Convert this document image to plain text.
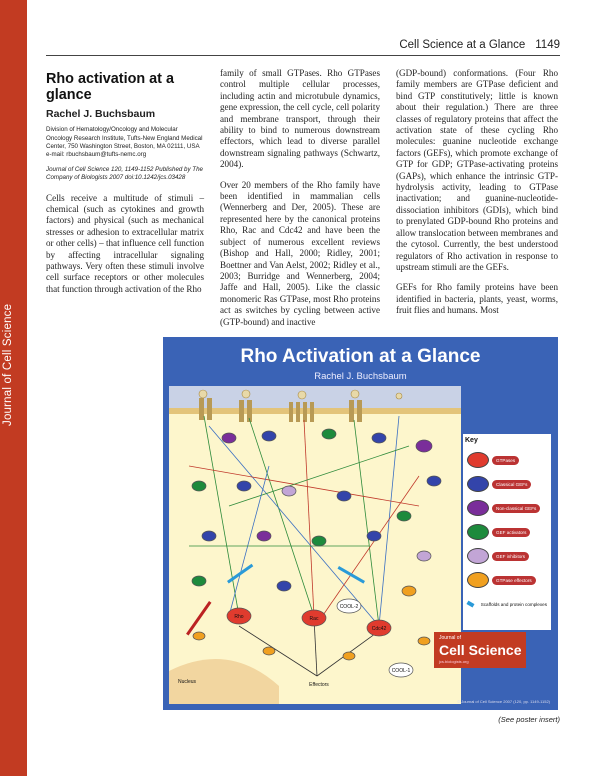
Journal of Cell Science
Cell Science at a Glance 1149
Rho activation at a glance
Rachel J. Buchsbaum
Division of Hematology/Oncology and Molecular Oncology Research Institute, Tufts-New England Medical Center, 750 Washington Street, Boston, MA 02111, USA
e-mail: rbuchsbaum@tufts-nemc.org
Journal of Cell Science 120, 1149-1152 Published by The Company of Biologists 2007 doi:10.1242/jcs.03428
Cells receive a multitude of stimuli – chemical (such as cytokines and growth factors) and physical (such as mechanical stresses or adhesion to extracellular matrix or other cells) – that influence cell function by affecting intracellular signaling pathways. Very often these stimuli involve cell surface receptors or other molecules that function through activation of the Rho

family of small GTPases. Rho GTPases control multiple cellular processes, including actin and microtubule dynamics, gene expression, the cell cycle, cell polarity and membrane transport, through their ability to bind to numerous downstream effectors, which lead to diverse parallel downstream signaling pathways (Schwartz, 2004).

Over 20 members of the Rho family have been identified in mammalian cells (Wennerberg and Der, 2005). These are represented here by the canonical proteins Rho, Rac and Cdc42 and have been the subject of numerous excellent reviews (Bishop and Hall, 2000; Ridley, 2001; Boettner and Van Aelst, 2002; Ridley et al., 2003; Burridge and Wennerberg, 2004; Jaffe and Hall, 2005). Like the classic monomeric Ras GTPase, most Rho proteins act as switches by cycling between active (GTP-bound) and inactive

(GDP-bound) conformations. (Four Rho family members are GTPase deficient and bind GTP constitutively; little is known about their regulation.) There are three classes of regulatory proteins that affect the activation state of these cycling Rho molecules: guanine nucleotide exchange factors (GEFs), which promote exchange of GTP for GDP; GTPase-activating proteins (GAPs), which enhance the intrinsic GTP-hydrolysis activity, leading to GTPase inactivation; and guanine-nucleotide-dissociation inhibitors (GDIs), which bind to prenylated GDP-bound Rho proteins and allow translocation between membranes and the cytosol. Currently, the best understood regulators of Rho activation in response to upstream stimuli are the GEFs.

GEFs for Rho family proteins have been identified in bacteria, plants, yeast, worms, fruit flies and humans. Most

Rho Activation at a Glance
Rachel J. Buchsbaum
Rho	Rac
Cdc42
COOL-2
COOL-1
Effectors
Nucleus
Key
GTPases
Classical GEFs
Non-classical GEFs
GEF activators
GEF inhibitors
GTPase effectors
Scaffolds and protein complexes
Journal of
Cell Science
jcs.biologists.org
© Journal of Cell Science 2007 (120, pp. 1149-1152)
(See poster insert)
